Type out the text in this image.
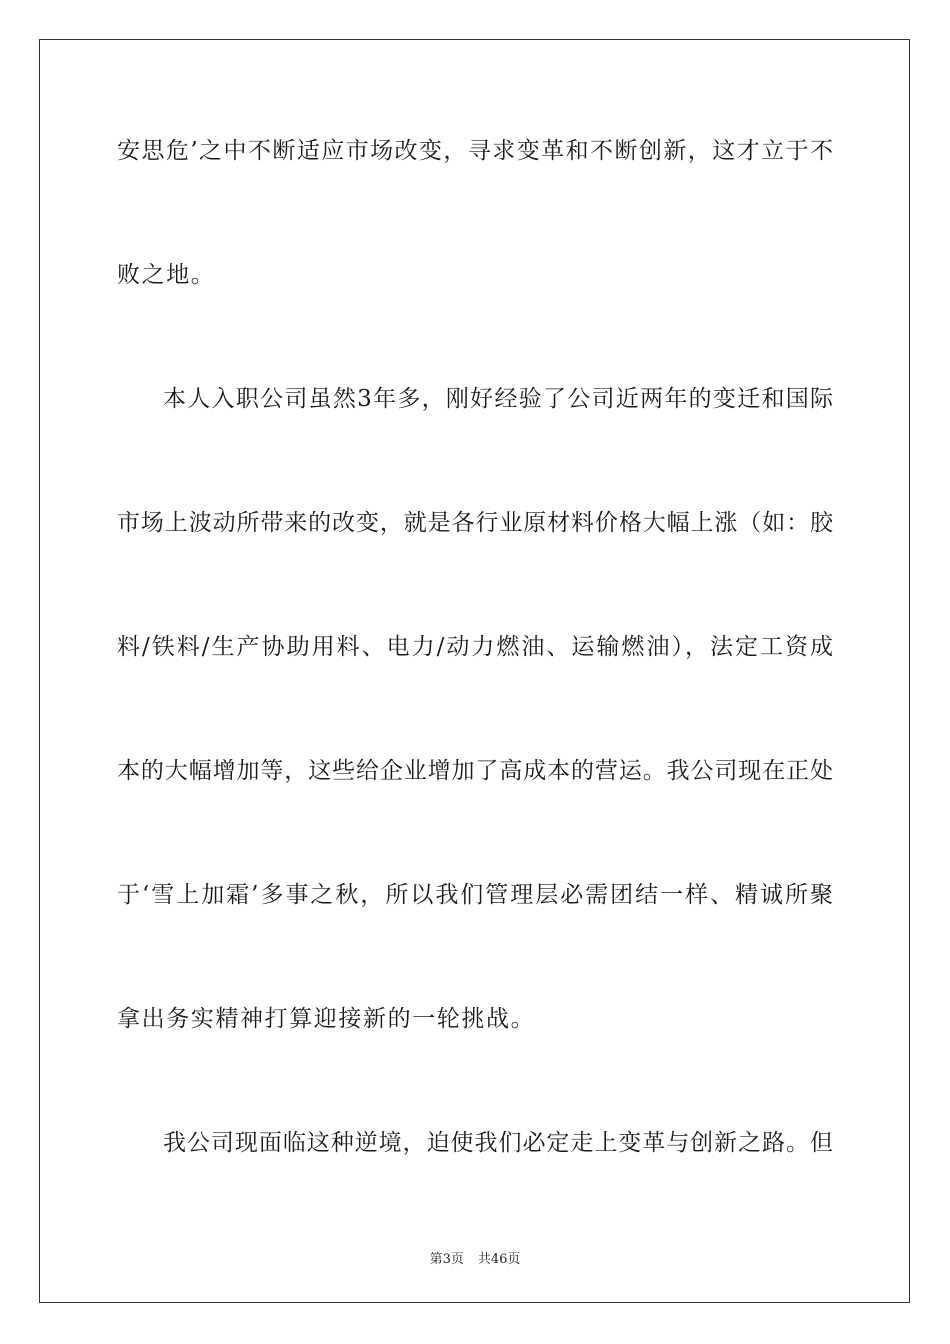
安思危’之中不断适应市场改变，寻求变革和不断创新，这才立于不
败之地。
本人入职公司虽然3年多，刚好经验了公司近两年的变迁和国际
市场上波动所带来的改变，就是各行业原材料价格大幅上涨（如：胶
料/铁料/生产协助用料、电力/动力燃油、运输燃油），法定工资成
本的大幅增加等，这些给企业增加了高成本的营运。我公司现在正处
于‘雪上加霜’多事之秋，所以我们管理层必需团结一样、精诚所聚
拿出务实精神打算迎接新的一轮挑战。
我公司现面临这种逆境，迫使我们必定走上变革与创新之路。但
第3页 共46页
